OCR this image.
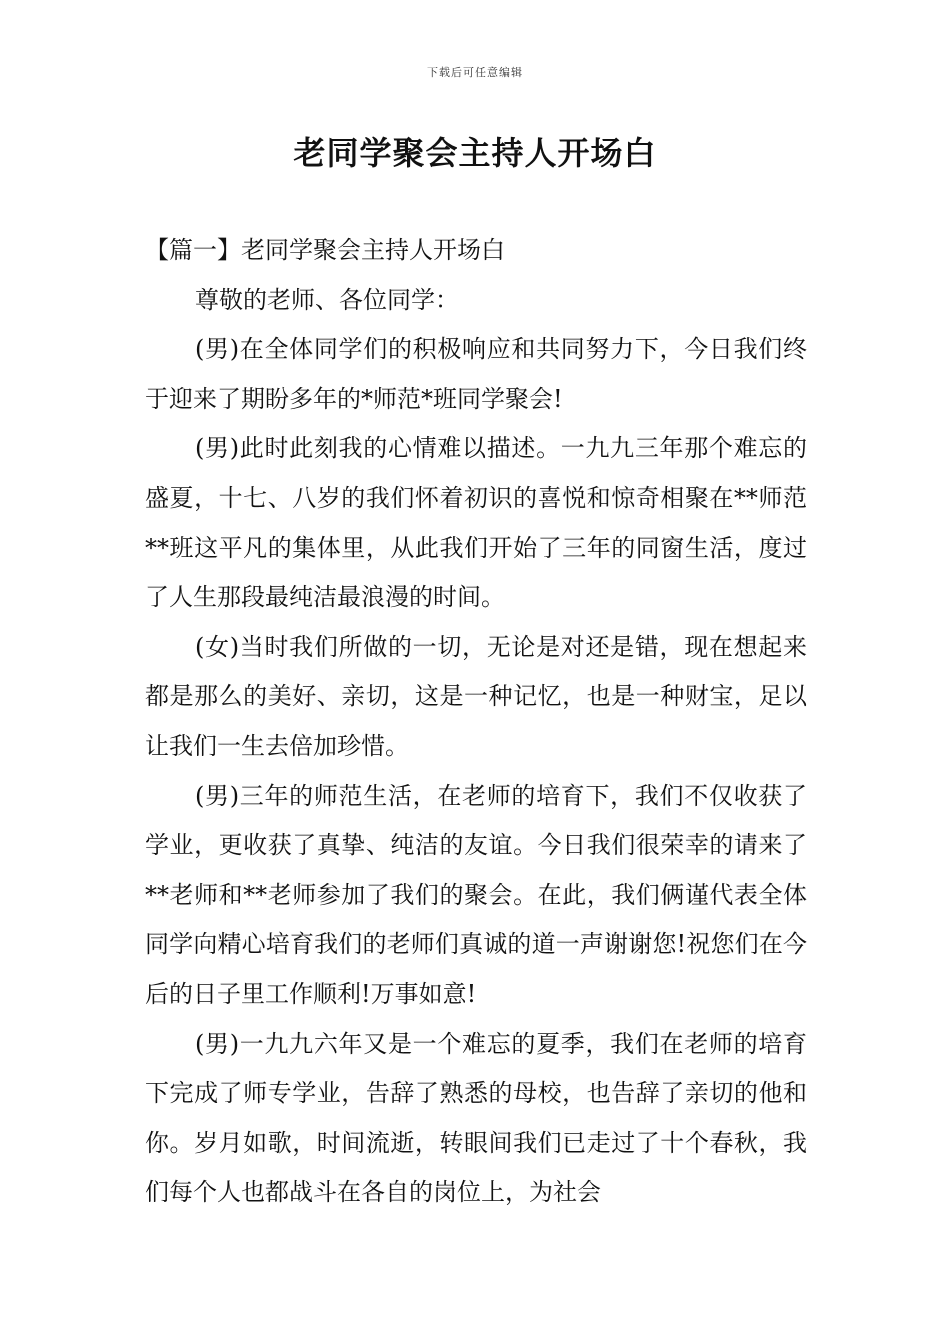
下载后可任意编辑
老同学聚会主持人开场白

【篇一】老同学聚会主持人开场白

尊敬的老师、各位同学：

(男)在全体同学们的积极响应和共同努力下，今日我们终于迎来了期盼多年的*师范*班同学聚会!

(男)此时此刻我的心情难以描述。一九九三年那个难忘的盛夏，十七、八岁的我们怀着初识的喜悦和惊奇相聚在**师范**班这平凡的集体里，从此我们开始了三年的同窗生活，度过了人生那段最纯洁最浪漫的时间。

(女)当时我们所做的一切，无论是对还是错，现在想起来都是那么的美好、亲切，这是一种记忆，也是一种财宝，足以让我们一生去倍加珍惜。

(男)三年的师范生活，在老师的培育下，我们不仅收获了学业，更收获了真挚、纯洁的友谊。今日我们很荣幸的请来了**老师和**老师参加了我们的聚会。在此，我们俩谨代表全体同学向精心培育我们的老师们真诚的道一声谢谢您!祝您们在今后的日子里工作顺利!万事如意!

(男)一九九六年又是一个难忘的夏季，我们在老师的培育下完成了师专学业，告辞了熟悉的母校，也告辞了亲切的他和你。岁月如歌，时间流逝，转眼间我们已走过了十个春秋，我们每个人也都战斗在各自的岗位上，为社会
